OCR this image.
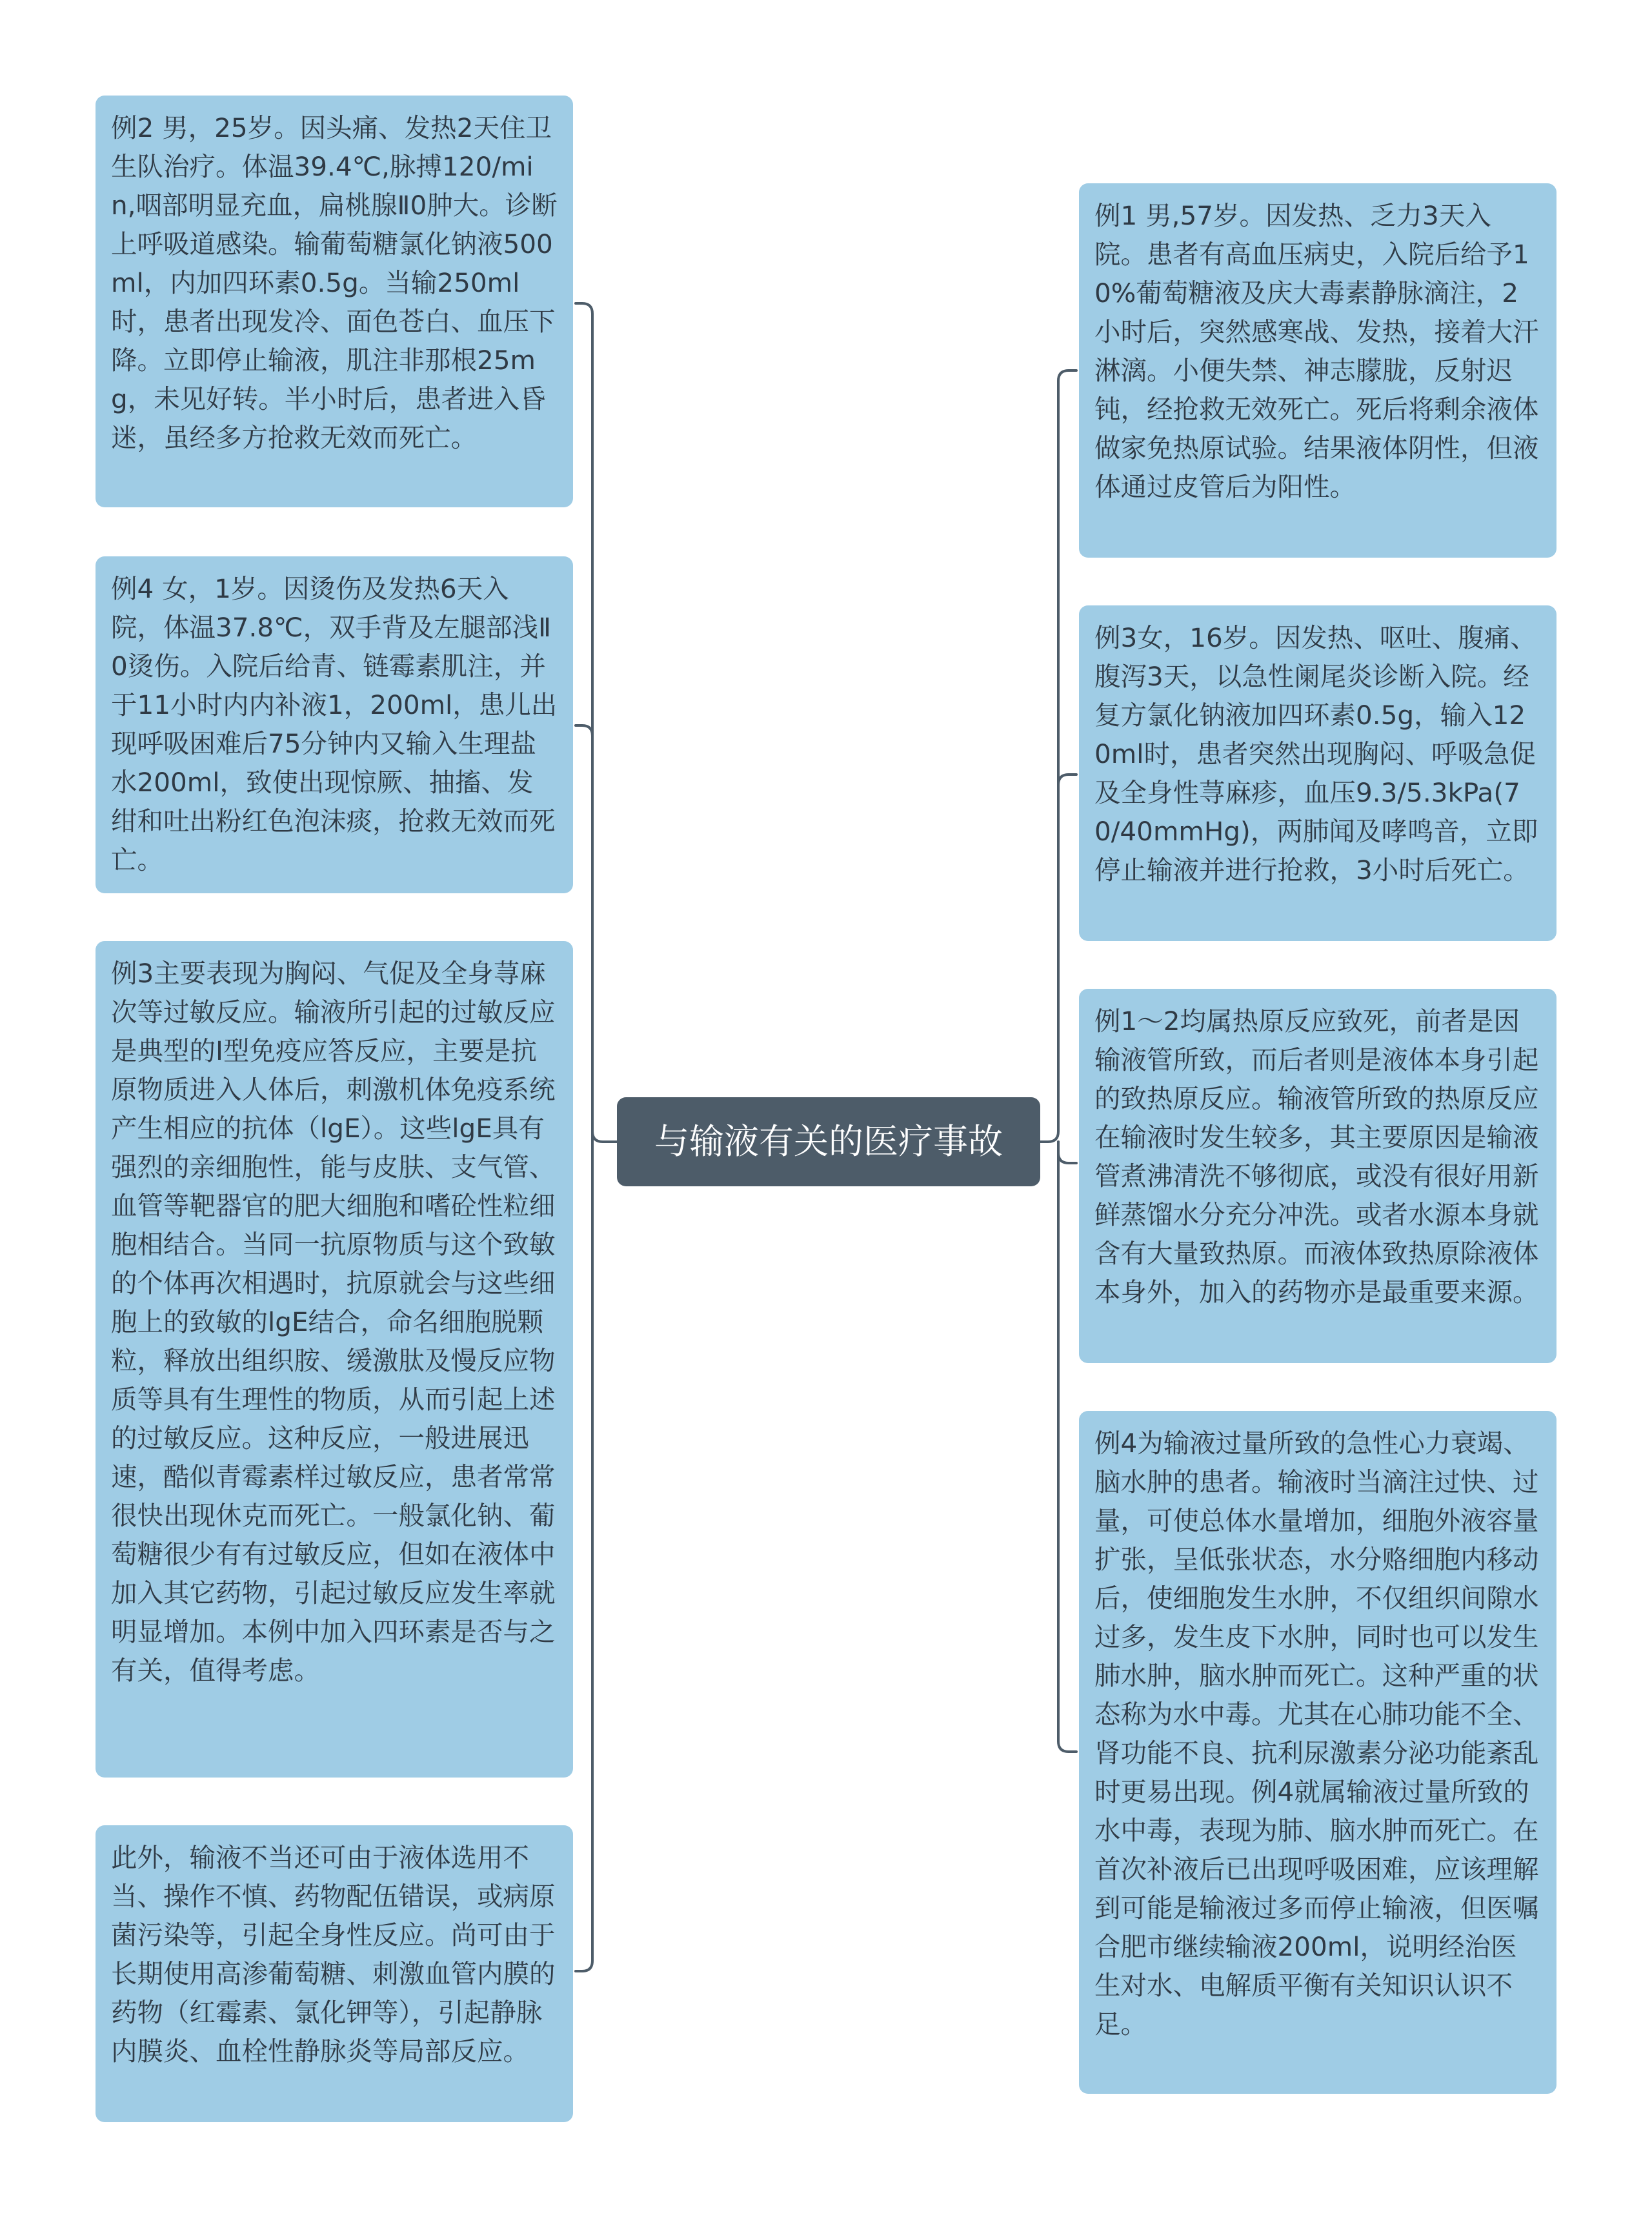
例2 男，25岁。因头痛、发热2天住卫生队治疗。体温39.4℃,脉搏120/min,咽部明显充血，扁桃腺Ⅱ0肿大。诊断上呼吸道感染。输葡萄糖氯化钠液500ml，内加四环素0.5g。当输250ml时，患者出现发冷、面色苍白、血压下降。立即停止输液，肌注非那根25mg，未见好转。半小时后，患者进入昏迷，虽经多方抢救无效而死亡。
例4 女，1岁。因烫伤及发热6天入院，体温37.8℃，双手背及左腿部浅Ⅱ0烫伤。入院后给青、链霉素肌注，并于11小时内内补液1，200ml，患儿出现呼吸困难后75分钟内又输入生理盐水200ml，致使出现惊厥、抽搐、发绀和吐出粉红色泡沫痰，抢救无效而死亡。
例3主要表现为胸闷、气促及全身荨麻次等过敏反应。输液所引起的过敏反应是典型的Ⅰ型免疫应答反应，主要是抗原物质进入人体后，刺激机体免疫系统产生相应的抗体（lgE）。这些lgE具有强烈的亲细胞性，能与皮肤、支气管、血管等靶器官的肥大细胞和嗜砼性粒细胞相结合。当同一抗原物质与这个致敏的个体再次相遇时，抗原就会与这些细胞上的致敏的lgE结合，命名细胞脱颗粒，释放出组织胺、缓激肽及慢反应物质等具有生理性的物质，从而引起上述的过敏反应。这种反应，一般进展迅速，酷似青霉素样过敏反应，患者常常很快出现休克而死亡。一般氯化钠、葡萄糖很少有有过敏反应，但如在液体中加入其它药物，引起过敏反应发生率就明显增加。本例中加入四环素是否与之有关，值得考虑。
此外，输液不当还可由于液体选用不当、操作不慎、药物配伍错误，或病原菌污染等，引起全身性反应。尚可由于长期使用高渗葡萄糖、刺激血管内膜的药物（红霉素、氯化钾等），引起静脉内膜炎、血栓性静脉炎等局部反应。
例1 男,57岁。因发热、乏力3天入院。患者有高血压病史，入院后给予10%葡萄糖液及庆大毒素静脉滴注，2小时后，突然感寒战、发热，接着大汗淋漓。小便失禁、神志朦胧，反射迟钝，经抢救无效死亡。死后将剩余液体做家免热原试验。结果液体阴性，但液体通过皮管后为阳性。
例3女，16岁。因发热、呕吐、腹痛、腹泻3天，以急性阑尾炎诊断入院。经复方氯化钠液加四环素0.5g，输入120ml时，患者突然出现胸闷、呼吸急促及全身性荨麻疹，血压9.3/5.3kPa(70/40mmHg)，两肺闻及哮鸣音，立即停止输液并进行抢救，3小时后死亡。
例1～2均属热原反应致死，前者是因输液管所致，而后者则是液体本身引起的致热原反应。输液管所致的热原反应在输液时发生较多，其主要原因是输液管煮沸清洗不够彻底，或没有很好用新鲜蒸馏水分充分冲洗。或者水源本身就含有大量致热原。而液体致热原除液体本身外，加入的药物亦是最重要来源。
例4为输液过量所致的急性心力衰竭、脑水肿的患者。输液时当滴注过快、过量，可使总体水量增加，细胞外液容量扩张，呈低张状态，水分赂细胞内移动后，使细胞发生水肿，不仅组织间隙水过多，发生皮下水肿，同时也可以发生肺水肿，脑水肿而死亡。这种严重的状态称为水中毒。尤其在心肺功能不全、肾功能不良、抗利尿激素分泌功能紊乱时更易出现。例4就属输液过量所致的水中毒，表现为肺、脑水肿而死亡。在首次补液后已出现呼吸困难，应该理解到可能是输液过多而停止输液，但医嘱合肥市继续输液200ml，说明经治医生对水、电解质平衡有关知识认识不足。
与输液有关的医疗事故
